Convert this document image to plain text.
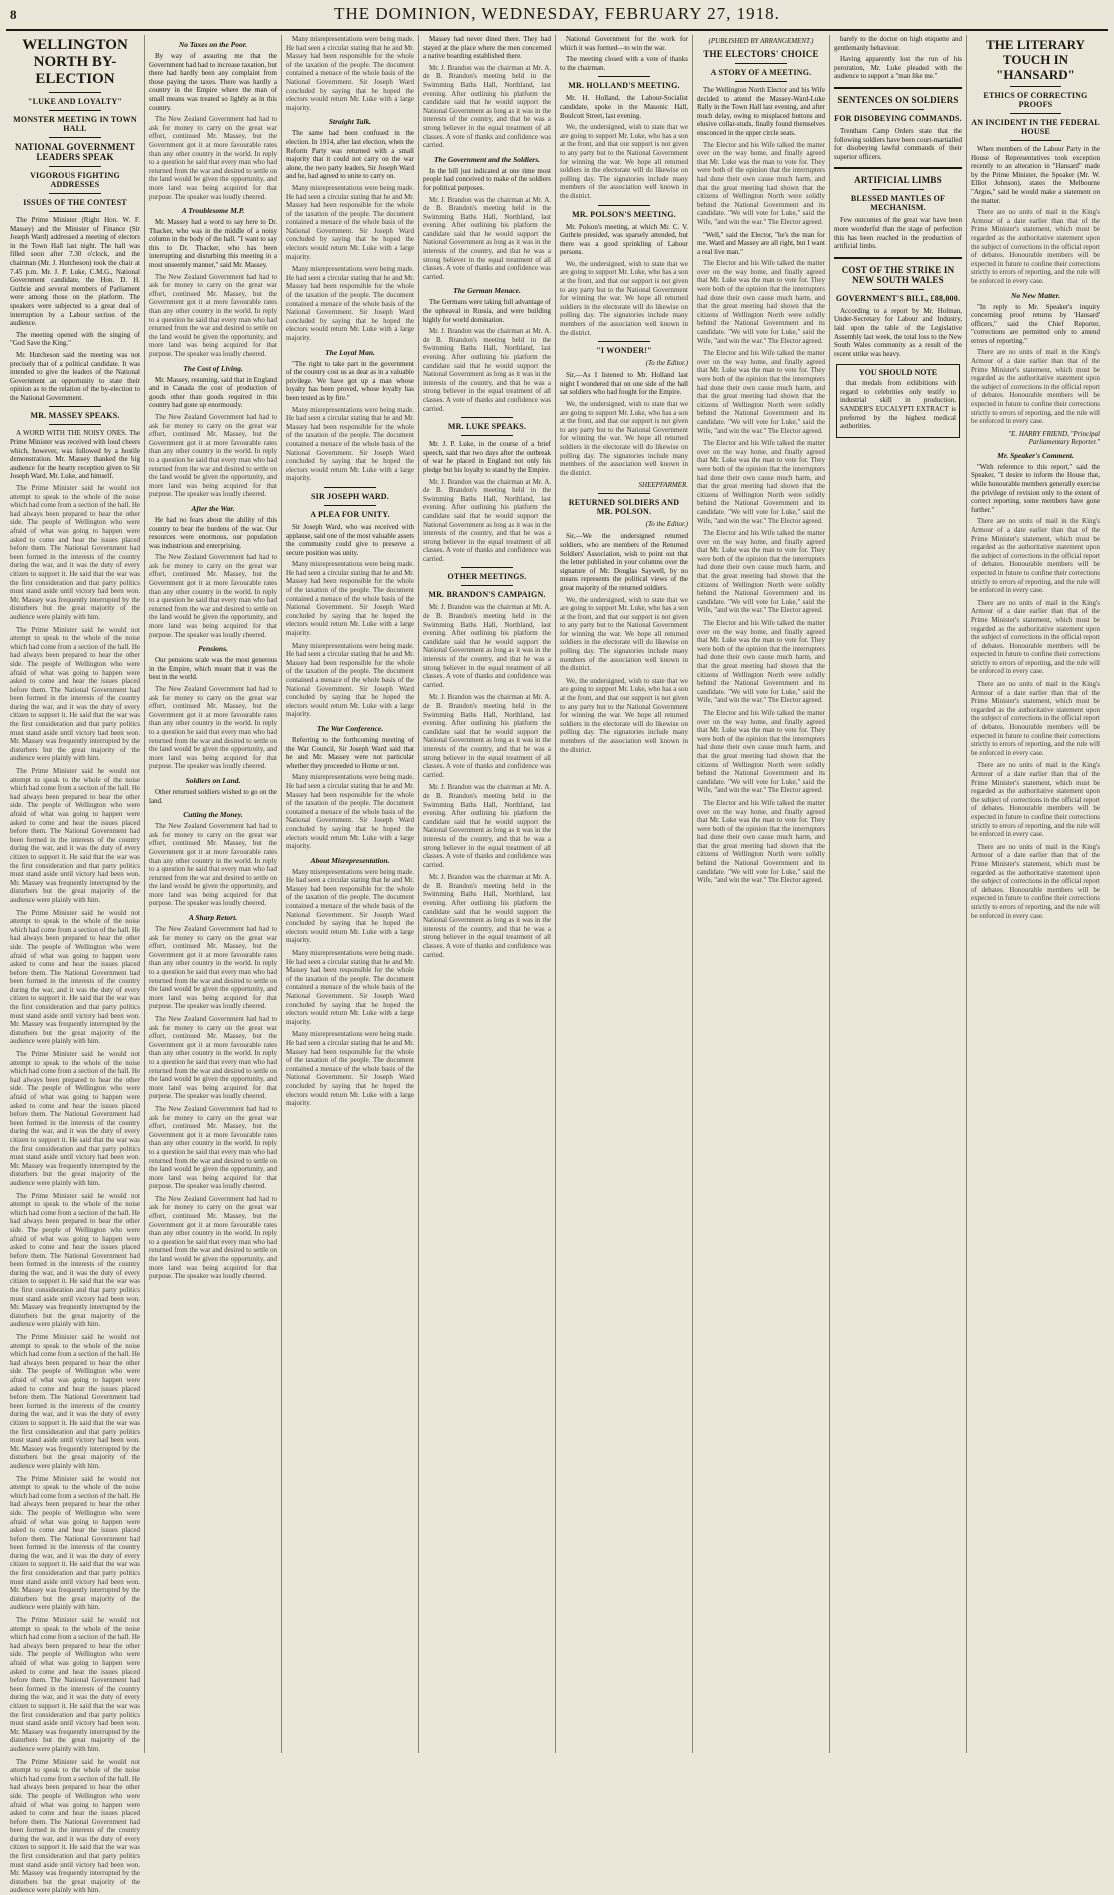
8	THE DOMINION, WEDNESDAY, FEBRUARY 27, 1918.
WELLINGTON NORTH BY-ELECTION
"LUKE AND LOYALTY"
MONSTER MEETING IN TOWN HALL
NATIONAL GOVERNMENT LEADERS SPEAK
VIGOROUS FIGHTING ADDRESSES
ISSUES OF THE CONTEST

The Prime Minister (Right Hon. W. F. Massey) and the Minister of Finance (Sir Joseph Ward) addressed a meeting of electors in the Town Hall last night. The hall was filled soon after 7.30 o'clock, and the chairman (Mr. J. Hutcheson) took the chair at 7.45 p.m. Mr. J. P. Luke, C.M.G., National Government candidate, the Hon. D. H. Guthrie and several members of Parliament were among those on the platform. The speakers were subjected to a great deal of interruption by a Labour section of the audience.

The meeting opened with the singing of "God Save the King."

Mr. Hutcheson said the meeting was not precisely that of a political candidate. It was intended to give the leaders of the National Government an opportunity to state their opinion as to the relation of the by-election to the National Government.

MR. MASSEY SPEAKS.

A WORD WITH THE NOISY ONES. The Prime Minister was received with loud cheers which, however, was followed by a hostile demonstration. Mr. Massey thanked the big audience for the hearty reception given to Sir Joseph Ward, Mr. Luke, and himself.

The Prime Minister said he would not attempt to speak to the whole of the noise which had come from a section of the hall. He had always been prepared to hear the other side. The people of Wellington who were afraid of what was going to happen were asked to come and hear the issues placed before them. The National Government had been formed in the interests of the country during the war, and it was the duty of every citizen to support it. He said that the war was the first consideration and that party politics must stand aside until victory had been won. Mr. Massey was frequently interrupted by the disturbers but the great majority of the audience were plainly with him.

The Prime Minister said he would not attempt to speak to the whole of the noise which had come from a section of the hall. He had always been prepared to hear the other side. The people of Wellington who were afraid of what was going to happen were asked to come and hear the issues placed before them. The National Government had been formed in the interests of the country during the war, and it was the duty of every citizen to support it. He said that the war was the first consideration and that party politics must stand aside until victory had been won. Mr. Massey was frequently interrupted by the disturbers but the great majority of the audience were plainly with him.

The Prime Minister said he would not attempt to speak to the whole of the noise which had come from a section of the hall. He had always been prepared to hear the other side. The people of Wellington who were afraid of what was going to happen were asked to come and hear the issues placed before them. The National Government had been formed in the interests of the country during the war, and it was the duty of every citizen to support it. He said that the war was the first consideration and that party politics must stand aside until victory had been won. Mr. Massey was frequently interrupted by the disturbers but the great majority of the audience were plainly with him.

The Prime Minister said he would not attempt to speak to the whole of the noise which had come from a section of the hall. He had always been prepared to hear the other side. The people of Wellington who were afraid of what was going to happen were asked to come and hear the issues placed before them. The National Government had been formed in the interests of the country during the war, and it was the duty of every citizen to support it. He said that the war was the first consideration and that party politics must stand aside until victory had been won. Mr. Massey was frequently interrupted by the disturbers but the great majority of the audience were plainly with him.

The Prime Minister said he would not attempt to speak to the whole of the noise which had come from a section of the hall. He had always been prepared to hear the other side. The people of Wellington who were afraid of what was going to happen were asked to come and hear the issues placed before them. The National Government had been formed in the interests of the country during the war, and it was the duty of every citizen to support it. He said that the war was the first consideration and that party politics must stand aside until victory had been won. Mr. Massey was frequently interrupted by the disturbers but the great majority of the audience were plainly with him.

The Prime Minister said he would not attempt to speak to the whole of the noise which had come from a section of the hall. He had always been prepared to hear the other side. The people of Wellington who were afraid of what was going to happen were asked to come and hear the issues placed before them. The National Government had been formed in the interests of the country during the war, and it was the duty of every citizen to support it. He said that the war was the first consideration and that party politics must stand aside until victory had been won. Mr. Massey was frequently interrupted by the disturbers but the great majority of the audience were plainly with him.

The Prime Minister said he would not attempt to speak to the whole of the noise which had come from a section of the hall. He had always been prepared to hear the other side. The people of Wellington who were afraid of what was going to happen were asked to come and hear the issues placed before them. The National Government had been formed in the interests of the country during the war, and it was the duty of every citizen to support it. He said that the war was the first consideration and that party politics must stand aside until victory had been won. Mr. Massey was frequently interrupted by the disturbers but the great majority of the audience were plainly with him.

The Prime Minister said he would not attempt to speak to the whole of the noise which had come from a section of the hall. He had always been prepared to hear the other side. The people of Wellington who were afraid of what was going to happen were asked to come and hear the issues placed before them. The National Government had been formed in the interests of the country during the war, and it was the duty of every citizen to support it. He said that the war was the first consideration and that party politics must stand aside until victory had been won. Mr. Massey was frequently interrupted by the disturbers but the great majority of the audience were plainly with him.

The Prime Minister said he would not attempt to speak to the whole of the noise which had come from a section of the hall. He had always been prepared to hear the other side. The people of Wellington who were afraid of what was going to happen were asked to come and hear the issues placed before them. The National Government had been formed in the interests of the country during the war, and it was the duty of every citizen to support it. He said that the war was the first consideration and that party politics must stand aside until victory had been won. Mr. Massey was frequently interrupted by the disturbers but the great majority of the audience were plainly with him.

The Prime Minister said he would not attempt to speak to the whole of the noise which had come from a section of the hall. He had always been prepared to hear the other side. The people of Wellington who were afraid of what was going to happen were asked to come and hear the issues placed before them. The National Government had been formed in the interests of the country during the war, and it was the duty of every citizen to support it. He said that the war was the first consideration and that party politics must stand aside until victory had been won. Mr. Massey was frequently interrupted by the disturbers but the great majority of the audience were plainly with him.

No Taxes on the Poor.

By way of assuring me that the Government had had to increase taxation, but there had hardly been any complaint from those paying the taxes. There was hardly a country in the Empire where the man of small means was treated so lightly as in this country.

The New Zealand Government had had to ask for money to carry on the great war effort, continued Mr. Massey, but the Government got it at more favourable rates than any other country in the world. In reply to a question he said that every man who had returned from the war and desired to settle on the land would be given the opportunity, and more land was being acquired for that purpose. The speaker was loudly cheered.

A Troublesome M.P.

Mr. Massey had a word to say here to Dr. Thacker, who was in the middle of a noisy column in the body of the hall. "I want to say this to Dr. Thacker, who has been interrupting and disturbing this meeting in a most unseemly manner," said Mr. Massey.

The New Zealand Government had had to ask for money to carry on the great war effort, continued Mr. Massey, but the Government got it at more favourable rates than any other country in the world. In reply to a question he said that every man who had returned from the war and desired to settle on the land would be given the opportunity, and more land was being acquired for that purpose. The speaker was loudly cheered.

The Cost of Living.

Mr. Massey, resuming, said that in England and in Canada the cost of production of goods other than goods required in this country had gone up enormously.

The New Zealand Government had had to ask for money to carry on the great war effort, continued Mr. Massey, but the Government got it at more favourable rates than any other country in the world. In reply to a question he said that every man who had returned from the war and desired to settle on the land would be given the opportunity, and more land was being acquired for that purpose. The speaker was loudly cheered.

After the War.

He had no fears about the ability of this country to bear the burdens of the war. Our resources were enormous, our population was industrious and enterprising.

The New Zealand Government had had to ask for money to carry on the great war effort, continued Mr. Massey, but the Government got it at more favourable rates than any other country in the world. In reply to a question he said that every man who had returned from the war and desired to settle on the land would be given the opportunity, and more land was being acquired for that purpose. The speaker was loudly cheered.

Pensions.

Our pensions scale was the most generous in the Empire, which meant that it was the best in the world.

The New Zealand Government had had to ask for money to carry on the great war effort, continued Mr. Massey, but the Government got it at more favourable rates than any other country in the world. In reply to a question he said that every man who had returned from the war and desired to settle on the land would be given the opportunity, and more land was being acquired for that purpose. The speaker was loudly cheered.

Soldiers on Land.

Other returned soldiers wished to go on the land.

Cutting the Money.

The New Zealand Government had had to ask for money to carry on the great war effort, continued Mr. Massey, but the Government got it at more favourable rates than any other country in the world. In reply to a question he said that every man who had returned from the war and desired to settle on the land would be given the opportunity, and more land was being acquired for that purpose. The speaker was loudly cheered.

A Sharp Retort.

The New Zealand Government had had to ask for money to carry on the great war effort, continued Mr. Massey, but the Government got it at more favourable rates than any other country in the world. In reply to a question he said that every man who had returned from the war and desired to settle on the land would be given the opportunity, and more land was being acquired for that purpose. The speaker was loudly cheered.

The New Zealand Government had had to ask for money to carry on the great war effort, continued Mr. Massey, but the Government got it at more favourable rates than any other country in the world. In reply to a question he said that every man who had returned from the war and desired to settle on the land would be given the opportunity, and more land was being acquired for that purpose. The speaker was loudly cheered.

The New Zealand Government had had to ask for money to carry on the great war effort, continued Mr. Massey, but the Government got it at more favourable rates than any other country in the world. In reply to a question he said that every man who had returned from the war and desired to settle on the land would be given the opportunity, and more land was being acquired for that purpose. The speaker was loudly cheered.

The New Zealand Government had had to ask for money to carry on the great war effort, continued Mr. Massey, but the Government got it at more favourable rates than any other country in the world. In reply to a question he said that every man who had returned from the war and desired to settle on the land would be given the opportunity, and more land was being acquired for that purpose. The speaker was loudly cheered.

Many misrepresentations were being made. He had seen a circular stating that he and Mr. Massey had been responsible for the whole of the taxation of the people. The document contained a menace of the whole basis of the National Government. Sir Joseph Ward concluded by saying that he hoped the electors would return Mr. Luke with a large majority.

Straight Talk.

The same had been confused in the election. In 1914, after last election, when the Reform Party was returned with a small majority that it could not carry on the war alone, the two party leaders, Sir Joseph Ward and he, had agreed to unite to carry on.

Many misrepresentations were being made. He had seen a circular stating that he and Mr. Massey had been responsible for the whole of the taxation of the people. The document contained a menace of the whole basis of the National Government. Sir Joseph Ward concluded by saying that he hoped the electors would return Mr. Luke with a large majority.

Many misrepresentations were being made. He had seen a circular stating that he and Mr. Massey had been responsible for the whole of the taxation of the people. The document contained a menace of the whole basis of the National Government. Sir Joseph Ward concluded by saying that he hoped the electors would return Mr. Luke with a large majority.

The Loyal Man.

"The right to take part in the government of the country cost us as dear as in a valuable privilege. We have got up a man whose loyalty has been proved, whose loyalty has been tested as by fire."

Many misrepresentations were being made. He had seen a circular stating that he and Mr. Massey had been responsible for the whole of the taxation of the people. The document contained a menace of the whole basis of the National Government. Sir Joseph Ward concluded by saying that he hoped the electors would return Mr. Luke with a large majority.

SIR JOSEPH WARD.
A PLEA FOR UNITY.

Sir Joseph Ward, who was received with applause, said one of the most valuable assets the community could give to preserve a secure position was unity.

Many misrepresentations were being made. He had seen a circular stating that he and Mr. Massey had been responsible for the whole of the taxation of the people. The document contained a menace of the whole basis of the National Government. Sir Joseph Ward concluded by saying that he hoped the electors would return Mr. Luke with a large majority.

Many misrepresentations were being made. He had seen a circular stating that he and Mr. Massey had been responsible for the whole of the taxation of the people. The document contained a menace of the whole basis of the National Government. Sir Joseph Ward concluded by saying that he hoped the electors would return Mr. Luke with a large majority.

The War Conference.

Referring to the forthcoming meeting of the War Council, Sir Joseph Ward said that he and Mr. Massey were not particular whether they proceeded to Home or not.

Many misrepresentations were being made. He had seen a circular stating that he and Mr. Massey had been responsible for the whole of the taxation of the people. The document contained a menace of the whole basis of the National Government. Sir Joseph Ward concluded by saying that he hoped the electors would return Mr. Luke with a large majority.

About Misrepresentation.

Many misrepresentations were being made. He had seen a circular stating that he and Mr. Massey had been responsible for the whole of the taxation of the people. The document contained a menace of the whole basis of the National Government. Sir Joseph Ward concluded by saying that he hoped the electors would return Mr. Luke with a large majority.

Many misrepresentations were being made. He had seen a circular stating that he and Mr. Massey had been responsible for the whole of the taxation of the people. The document contained a menace of the whole basis of the National Government. Sir Joseph Ward concluded by saying that he hoped the electors would return Mr. Luke with a large majority.

Many misrepresentations were being made. He had seen a circular stating that he and Mr. Massey had been responsible for the whole of the taxation of the people. The document contained a menace of the whole basis of the National Government. Sir Joseph Ward concluded by saying that he hoped the electors would return Mr. Luke with a large majority.

Massey had never dined there. They had stayed at the place where the men concerned a native boarding established there.

Mr. J. Brandon was the chairman at Mr. A. de B. Brandon's meeting held in the Swimming Baths Hall, Northland, last evening. After outlining his platform the candidate said that he would support the National Government as long as it was in the interests of the country, and that he was a strong believer in the equal treatment of all classes. A vote of thanks and confidence was carried.

The Government and the Soldiers.

In the bill just indicated at one time most people had conceived to make of the soldiers for political purposes.

Mr. J. Brandon was the chairman at Mr. A. de B. Brandon's meeting held in the Swimming Baths Hall, Northland, last evening. After outlining his platform the candidate said that he would support the National Government as long as it was in the interests of the country, and that he was a strong believer in the equal treatment of all classes. A vote of thanks and confidence was carried.

The German Menace.

The Germans were taking full advantage of the upheaval in Russia, and were building highly for world domination.

Mr. J. Brandon was the chairman at Mr. A. de B. Brandon's meeting held in the Swimming Baths Hall, Northland, last evening. After outlining his platform the candidate said that he would support the National Government as long as it was in the interests of the country, and that he was a strong believer in the equal treatment of all classes. A vote of thanks and confidence was carried.

MR. LUKE SPEAKS.

Mr. J. P. Luke, in the course of a brief speech, said that two days after the outbreak of war he placed in England not only his pledge but his loyalty to stand by the Empire.

Mr. J. Brandon was the chairman at Mr. A. de B. Brandon's meeting held in the Swimming Baths Hall, Northland, last evening. After outlining his platform the candidate said that he would support the National Government as long as it was in the interests of the country, and that he was a strong believer in the equal treatment of all classes. A vote of thanks and confidence was carried.

OTHER MEETINGS.
MR. BRANDON'S CAMPAIGN.

Mr. J. Brandon was the chairman at Mr. A. de B. Brandon's meeting held in the Swimming Baths Hall, Northland, last evening. After outlining his platform the candidate said that he would support the National Government as long as it was in the interests of the country, and that he was a strong believer in the equal treatment of all classes. A vote of thanks and confidence was carried.

Mr. J. Brandon was the chairman at Mr. A. de B. Brandon's meeting held in the Swimming Baths Hall, Northland, last evening. After outlining his platform the candidate said that he would support the National Government as long as it was in the interests of the country, and that he was a strong believer in the equal treatment of all classes. A vote of thanks and confidence was carried.

Mr. J. Brandon was the chairman at Mr. A. de B. Brandon's meeting held in the Swimming Baths Hall, Northland, last evening. After outlining his platform the candidate said that he would support the National Government as long as it was in the interests of the country, and that he was a strong believer in the equal treatment of all classes. A vote of thanks and confidence was carried.

Mr. J. Brandon was the chairman at Mr. A. de B. Brandon's meeting held in the Swimming Baths Hall, Northland, last evening. After outlining his platform the candidate said that he would support the National Government as long as it was in the interests of the country, and that he was a strong believer in the equal treatment of all classes. A vote of thanks and confidence was carried.

National Government for the work for which it was formed—to win the war.

The meeting closed with a vote of thanks to the chairman.

MR. HOLLAND'S MEETING.

Mr. H. Holland, the Labour-Socialist candidate, spoke in the Masonic Hall, Boulcott Street, last evening.

We, the undersigned, wish to state that we are going to support Mr. Luke, who has a son at the front, and that our support is not given to any party but to the National Government for winning the war. We hope all returned soldiers in the electorate will do likewise on polling day. The signatories include many members of the association well known in the district.

MR. POLSON'S MEETING.

Mr. Polson's meeting, at which Mr. C. V. Guthrie presided, was sparsely attended, but there was a good sprinkling of Labour persons.

We, the undersigned, wish to state that we are going to support Mr. Luke, who has a son at the front, and that our support is not given to any party but to the National Government for winning the war. We hope all returned soldiers in the electorate will do likewise on polling day. The signatories include many members of the association well known in the district.

"I WONDER!"
(To the Editor.)

Sir,—As I listened to Mr. Holland last night I wondered that on one side of the hall sat soldiers who had fought for the Empire.

We, the undersigned, wish to state that we are going to support Mr. Luke, who has a son at the front, and that our support is not given to any party but to the National Government for winning the war. We hope all returned soldiers in the electorate will do likewise on polling day. The signatories include many members of the association well known in the district.

SHEEPFARMER.
RETURNED SOLDIERS AND MR. POLSON.
(To the Editor.)

Sir,—We the undersigned returned soldiers, who are members of the Returned Soldiers' Association, wish to point out that the letter published in your columns over the signature of Mr. Douglas Saywell, by no means represents the political views of the great majority of the returned soldiers.

We, the undersigned, wish to state that we are going to support Mr. Luke, who has a son at the front, and that our support is not given to any party but to the National Government for winning the war. We hope all returned soldiers in the electorate will do likewise on polling day. The signatories include many members of the association well known in the district.

We, the undersigned, wish to state that we are going to support Mr. Luke, who has a son at the front, and that our support is not given to any party but to the National Government for winning the war. We hope all returned soldiers in the electorate will do likewise on polling day. The signatories include many members of the association well known in the district.

(PUBLISHED BY ARRANGEMENT.)
THE ELECTORS' CHOICE
A STORY OF A MEETING.

The Wellington North Elector and his Wife decided to attend the Massey-Ward-Luke Rally in the Town Hall last evening, and after much delay, owing to misplaced buttons and elusive collar-studs, finally found themselves ensconced in the upper circle seats.

The Elector and his Wife talked the matter over on the way home, and finally agreed that Mr. Luke was the man to vote for. They were both of the opinion that the interrupters had done their own cause much harm, and that the great meeting had shown that the citizens of Wellington North were solidly behind the National Government and its candidate. "We will vote for Luke," said the Wife, "and win the war." The Elector agreed.

"Well," said the Elector, "he's the man for me. Ward and Massey are all right, but I want a real live man."

The Elector and his Wife talked the matter over on the way home, and finally agreed that Mr. Luke was the man to vote for. They were both of the opinion that the interrupters had done their own cause much harm, and that the great meeting had shown that the citizens of Wellington North were solidly behind the National Government and its candidate. "We will vote for Luke," said the Wife, "and win the war." The Elector agreed.

The Elector and his Wife talked the matter over on the way home, and finally agreed that Mr. Luke was the man to vote for. They were both of the opinion that the interrupters had done their own cause much harm, and that the great meeting had shown that the citizens of Wellington North were solidly behind the National Government and its candidate. "We will vote for Luke," said the Wife, "and win the war." The Elector agreed.

The Elector and his Wife talked the matter over on the way home, and finally agreed that Mr. Luke was the man to vote for. They were both of the opinion that the interrupters had done their own cause much harm, and that the great meeting had shown that the citizens of Wellington North were solidly behind the National Government and its candidate. "We will vote for Luke," said the Wife, "and win the war." The Elector agreed.

The Elector and his Wife talked the matter over on the way home, and finally agreed that Mr. Luke was the man to vote for. They were both of the opinion that the interrupters had done their own cause much harm, and that the great meeting had shown that the citizens of Wellington North were solidly behind the National Government and its candidate. "We will vote for Luke," said the Wife, "and win the war." The Elector agreed.

The Elector and his Wife talked the matter over on the way home, and finally agreed that Mr. Luke was the man to vote for. They were both of the opinion that the interrupters had done their own cause much harm, and that the great meeting had shown that the citizens of Wellington North were solidly behind the National Government and its candidate. "We will vote for Luke," said the Wife, "and win the war." The Elector agreed.

The Elector and his Wife talked the matter over on the way home, and finally agreed that Mr. Luke was the man to vote for. They were both of the opinion that the interrupters had done their own cause much harm, and that the great meeting had shown that the citizens of Wellington North were solidly behind the National Government and its candidate. "We will vote for Luke," said the Wife, "and win the war." The Elector agreed.

The Elector and his Wife talked the matter over on the way home, and finally agreed that Mr. Luke was the man to vote for. They were both of the opinion that the interrupters had done their own cause much harm, and that the great meeting had shown that the citizens of Wellington North were solidly behind the National Government and its candidate. "We will vote for Luke," said the Wife, "and win the war." The Elector agreed.

barely to the doctor on high etiquette and gentlemanly behaviour.

Having apparently lost the run of his peroration, Mr. Luke pleaded with the audience to support a "man like me."

SENTENCES ON SOLDIERS
FOR DISOBEYING COMMANDS.

Trentham Camp Orders state that the following soldiers have been court-martialled for disobeying lawful commands of their superior officers.

ARTIFICIAL LIMBS
BLESSED MANTLES OF MECHANISM.

Few outcomes of the great war have been more wonderful than the stage of perfection this has been reached in the production of artificial limbs.

COST OF THE STRIKE IN NEW SOUTH WALES
GOVERNMENT'S BILL, £88,000.

According to a report by Mr. Holman, Under-Secretary for Labour and Industry, laid upon the table of the Legislative Assembly last week, the total loss to the New South Wales community as a result of the recent strike was heavy.

YOU SHOULD NOTE

that medals from exhibitions with regard to celebrities only testify to industrial skill in production, SANDER'S EUCALYPTI EXTRACT is preferred by the highest medical authorities.

THE LITERARY TOUCH IN "HANSARD"
ETHICS OF CORRECTING PROOFS
AN INCIDENT IN THE FEDERAL HOUSE

When members of the Labour Party in the House of Representatives took exception recently to an alteration in "Hansard" made by the Prime Minister, the Speaker (Mr. W. Elliot Johnson), states the Melbourne "Argus," said he would make a statement on the matter.

There are no units of mail in the King's Armour of a date earlier than that of the Prime Minister's statement, which must be regarded as the authoritative statement upon the subject of corrections in the official report of debates. Honourable members will be expected in future to confine their corrections strictly to errors of reporting, and the rule will be enforced in every case.

No New Matter.

"In reply to Mr. Speaker's inquiry concerning proof returns by 'Hansard' officers," said the Chief Reporter, "corrections are permitted only to amend errors of reporting."

There are no units of mail in the King's Armour of a date earlier than that of the Prime Minister's statement, which must be regarded as the authoritative statement upon the subject of corrections in the official report of debates. Honourable members will be expected in future to confine their corrections strictly to errors of reporting, and the rule will be enforced in every case.

"E. HARRY FRIEND, "Principal Parliamentary Reporter."
Mr. Speaker's Comment.

"With reference to this report," said the Speaker, "I desire to inform the House that, while honourable members generally exercise the privilege of revision only to the extent of correct reporting, some members have gone further."

There are no units of mail in the King's Armour of a date earlier than that of the Prime Minister's statement, which must be regarded as the authoritative statement upon the subject of corrections in the official report of debates. Honourable members will be expected in future to confine their corrections strictly to errors of reporting, and the rule will be enforced in every case.

There are no units of mail in the King's Armour of a date earlier than that of the Prime Minister's statement, which must be regarded as the authoritative statement upon the subject of corrections in the official report of debates. Honourable members will be expected in future to confine their corrections strictly to errors of reporting, and the rule will be enforced in every case.

There are no units of mail in the King's Armour of a date earlier than that of the Prime Minister's statement, which must be regarded as the authoritative statement upon the subject of corrections in the official report of debates. Honourable members will be expected in future to confine their corrections strictly to errors of reporting, and the rule will be enforced in every case.

There are no units of mail in the King's Armour of a date earlier than that of the Prime Minister's statement, which must be regarded as the authoritative statement upon the subject of corrections in the official report of debates. Honourable members will be expected in future to confine their corrections strictly to errors of reporting, and the rule will be enforced in every case.

There are no units of mail in the King's Armour of a date earlier than that of the Prime Minister's statement, which must be regarded as the authoritative statement upon the subject of corrections in the official report of debates. Honourable members will be expected in future to confine their corrections strictly to errors of reporting, and the rule will be enforced in every case.
